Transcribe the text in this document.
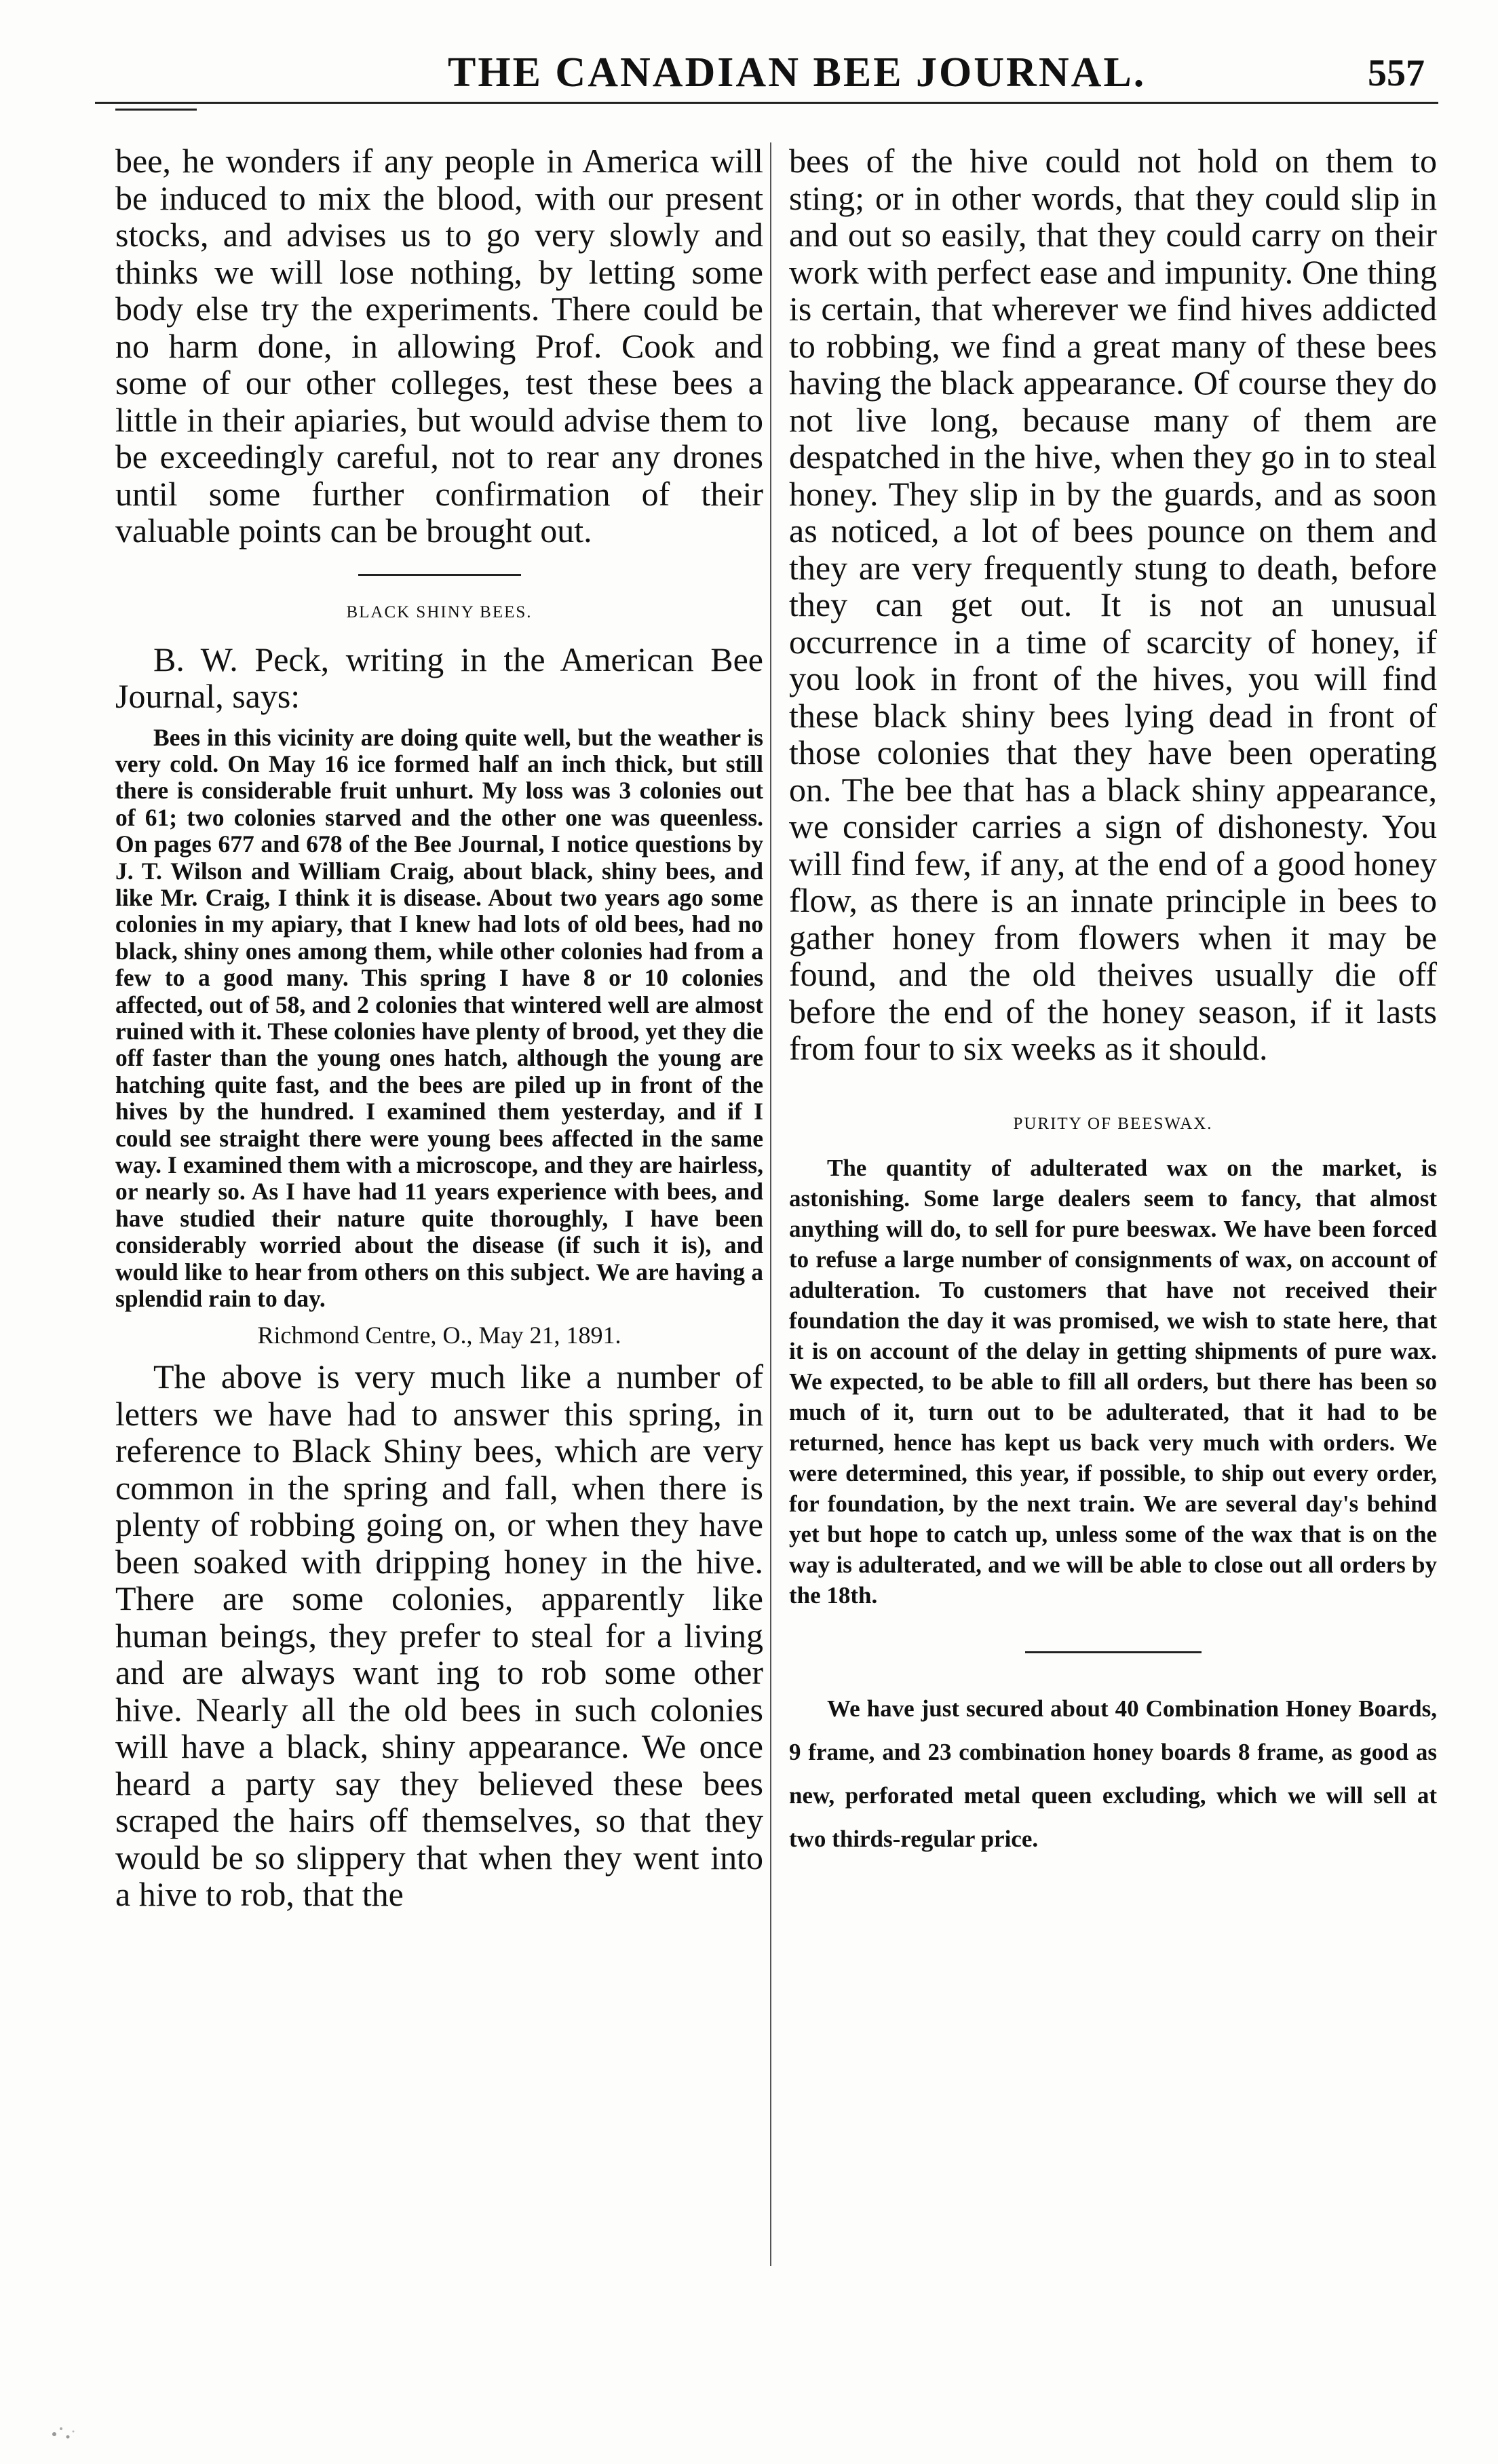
THE CANADIAN BEE JOURNAL.	557

bee, he wonders if any people in America will be induced to mix the blood, with our present stocks, and advises us to go very slowly and thinks we will lose nothing, by letting some body else try the experiments. There could be no harm done, in allowing Prof. Cook and some of our other colleges, test these bees a little in their apiaries, but would advise them to be exceedingly careful, not to rear any drones until some further confirmation of their valuable points can be brought out.

BLACK SHINY BEES.

B. W. Peck, writing in the American Bee Journal, says:

Bees in this vicinity are doing quite well, but the weather is very cold. On May 16 ice formed half an inch thick, but still there is considerable fruit unhurt. My loss was 3 colonies out of 61; two colonies starved and the other one was queenless. On pages 677 and 678 of the Bee Journal, I notice questions by J. T. Wilson and William Craig, about black, shiny bees, and like Mr. Craig, I think it is disease. About two years ago some colonies in my apiary, that I knew had lots of old bees, had no black, shiny ones among them, while other colonies had from a few to a good many. This spring I have 8 or 10 colonies affected, out of 58, and 2 colonies that wintered well are almost ruined with it. These colonies have plenty of brood, yet they die off faster than the young ones hatch, although the young are hatching quite fast, and the bees are piled up in front of the hives by the hundred. I examined them yesterday, and if I could see straight there were young bees affected in the same way. I examined them with a microscope, and they are hairless, or nearly so. As I have had 11 years experience with bees, and have studied their nature quite thoroughly, I have been considerably worried about the disease (if such it is), and would like to hear from others on this subject. We are having a splendid rain to day.

Richmond Centre, O., May 21, 1891.

The above is very much like a number of letters we have had to answer this spring, in reference to Black Shiny bees, which are very common in the spring and fall, when there is plenty of robbing going on, or when they have been soaked with dripping honey in the hive. There are some colonies, apparently like human beings, they prefer to steal for a living and are always want ing to rob some other hive. Nearly all the old bees in such colonies will have a black, shiny appearance. We once heard a party say they believed these bees scraped the hairs off themselves, so that they would be so slippery that when they went into a hive to rob, that the

bees of the hive could not hold on them to sting; or in other words, that they could slip in and out so easily, that they could carry on their work with perfect ease and impunity. One thing is certain, that wherever we find hives addicted to robbing, we find a great many of these bees having the black appearance. Of course they do not live long, because many of them are despatched in the hive, when they go in to steal honey. They slip in by the guards, and as soon as noticed, a lot of bees pounce on them and they are very frequently stung to death, before they can get out. It is not an unusual occurrence in a time of scarcity of honey, if you look in front of the hives, you will find these black shiny bees lying dead in front of those colonies that they have been operating on. The bee that has a black shiny appearance, we consider carries a sign of dishonesty. You will find few, if any, at the end of a good honey flow, as there is an innate principle in bees to gather honey from flowers when it may be found, and the old theives usually die off before the end of the honey season, if it lasts from four to six weeks as it should.

PURITY OF BEESWAX.

The quantity of adulterated wax on the market, is astonishing. Some large dealers seem to fancy, that almost anything will do, to sell for pure beeswax. We have been forced to refuse a large number of consignments of wax, on account of adulteration. To customers that have not received their foundation the day it was promised, we wish to state here, that it is on account of the delay in getting shipments of pure wax. We expected, to be able to fill all orders, but there has been so much of it, turn out to be adulterated, that it had to be returned, hence has kept us back very much with orders. We were determined, this year, if possible, to ship out every order, for foundation, by the next train. We are several day's behind yet but hope to catch up, unless some of the wax that is on the way is adulterated, and we will be able to close out all orders by the 18th.

We have just secured about 40 Combination Honey Boards, 9 frame, and 23 combination honey boards 8 frame, as good as new, perforated metal queen excluding, which we will sell at two thirds-regular price.
